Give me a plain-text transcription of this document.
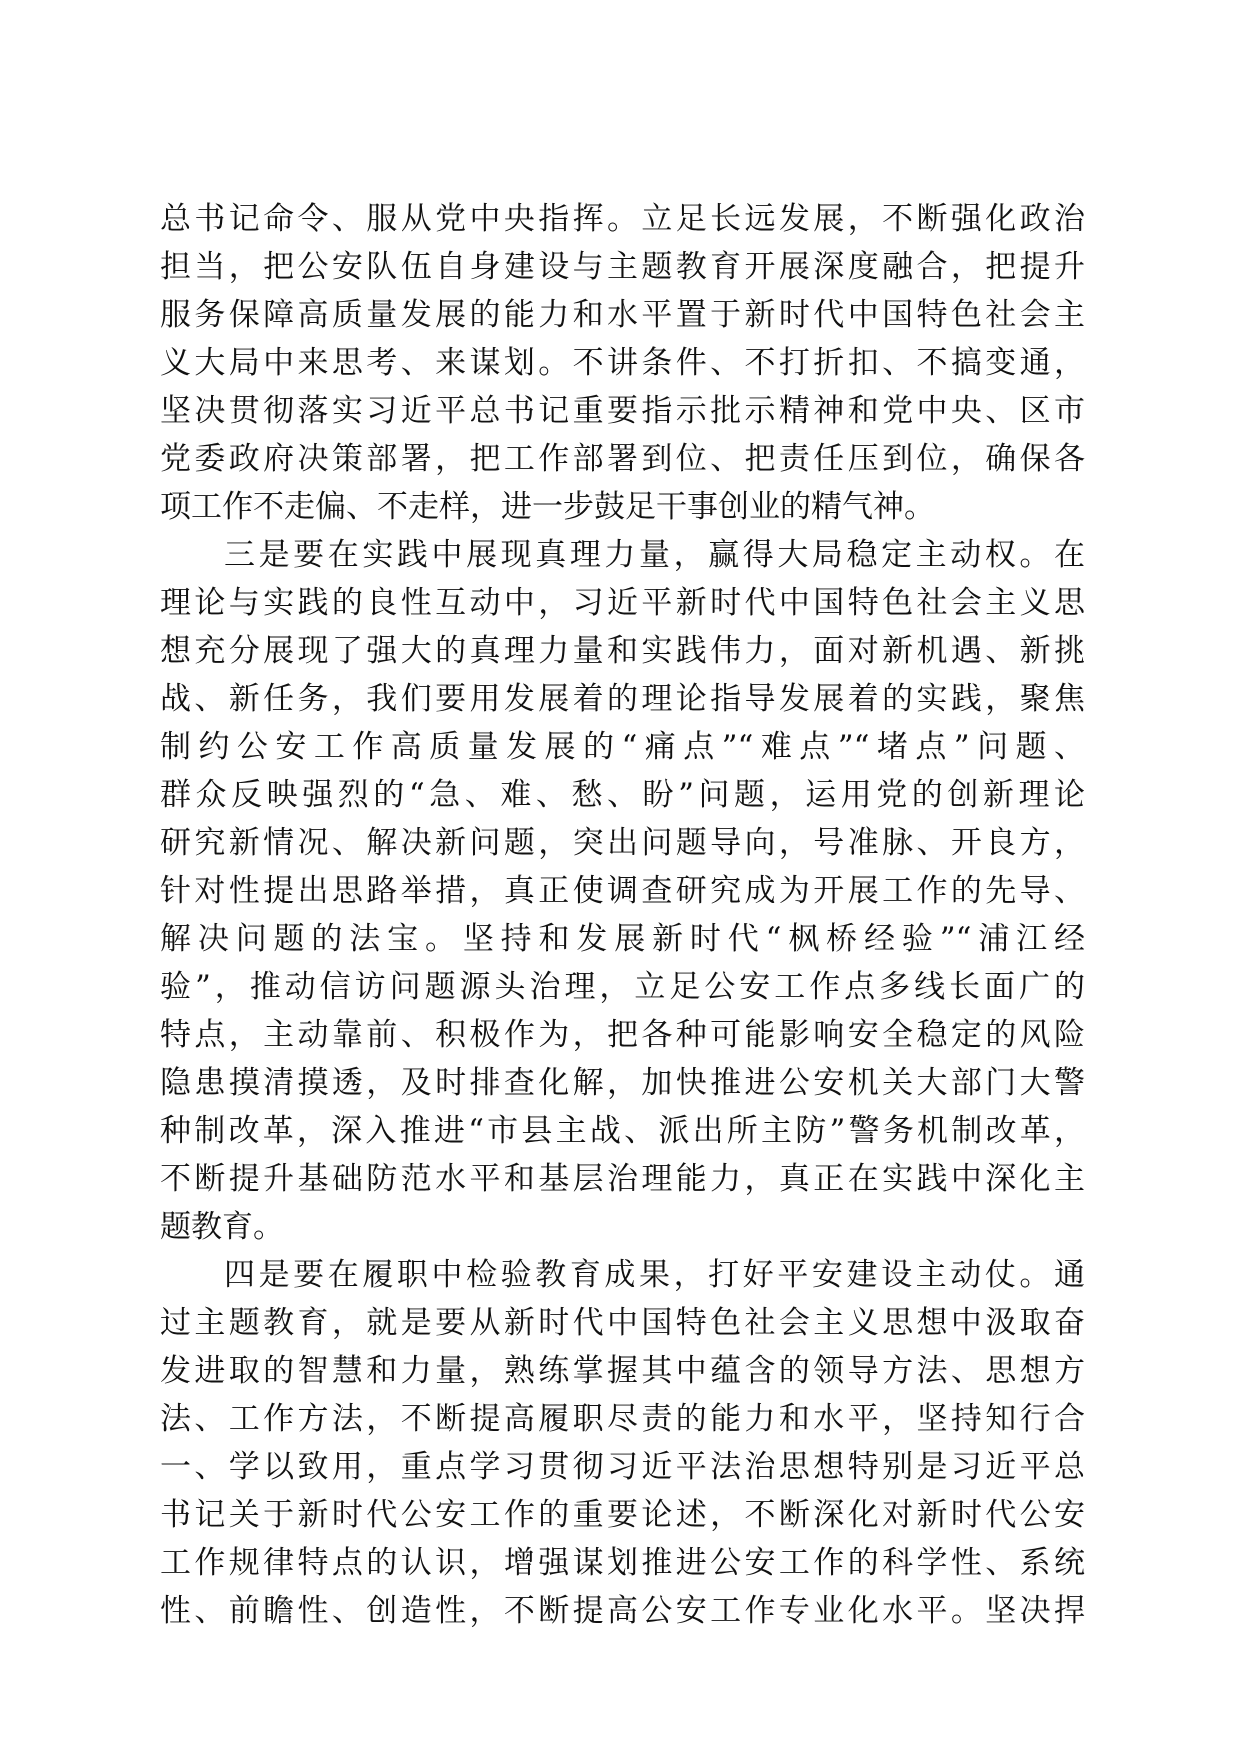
总书记命令、服从党中央指挥。立足长远发展，不断强化政治
担当，把公安队伍自身建设与主题教育开展深度融合，把提升
服务保障高质量发展的能力和水平置于新时代中国特色社会主
义大局中来思考、来谋划。不讲条件、不打折扣、不搞变通，
坚决贯彻落实习近平总书记重要指示批示精神和党中央、区市
党委政府决策部署，把工作部署到位、把责任压到位，确保各
项工作不走偏、不走样，进一步鼓足干事创业的精气神。
三是要在实践中展现真理力量，赢得大局稳定主动权。在
理论与实践的良性互动中，习近平新时代中国特色社会主义思
想充分展现了强大的真理力量和实践伟力，面对新机遇、新挑
战、新任务，我们要用发展着的理论指导发展着的实践，聚焦
制约公安工作高质量发展的“痛点”“难点”“堵点”问题、
群众反映强烈的“急、难、愁、盼”问题，运用党的创新理论
研究新情况、解决新问题，突出问题导向，号准脉、开良方，
针对性提出思路举措，真正使调查研究成为开展工作的先导、
解决问题的法宝。坚持和发展新时代“枫桥经验”“浦江经
验”，推动信访问题源头治理，立足公安工作点多线长面广的
特点，主动靠前、积极作为，把各种可能影响安全稳定的风险
隐患摸清摸透，及时排查化解，加快推进公安机关大部门大警
种制改革，深入推进“市县主战、派出所主防”警务机制改革，
不断提升基础防范水平和基层治理能力，真正在实践中深化主
题教育。
四是要在履职中检验教育成果，打好平安建设主动仗。通
过主题教育，就是要从新时代中国特色社会主义思想中汲取奋
发进取的智慧和力量，熟练掌握其中蕴含的领导方法、思想方
法、工作方法，不断提高履职尽责的能力和水平，坚持知行合
一、学以致用，重点学习贯彻习近平法治思想特别是习近平总
书记关于新时代公安工作的重要论述，不断深化对新时代公安
工作规律特点的认识，增强谋划推进公安工作的科学性、系统
性、前瞻性、创造性，不断提高公安工作专业化水平。坚决捍
